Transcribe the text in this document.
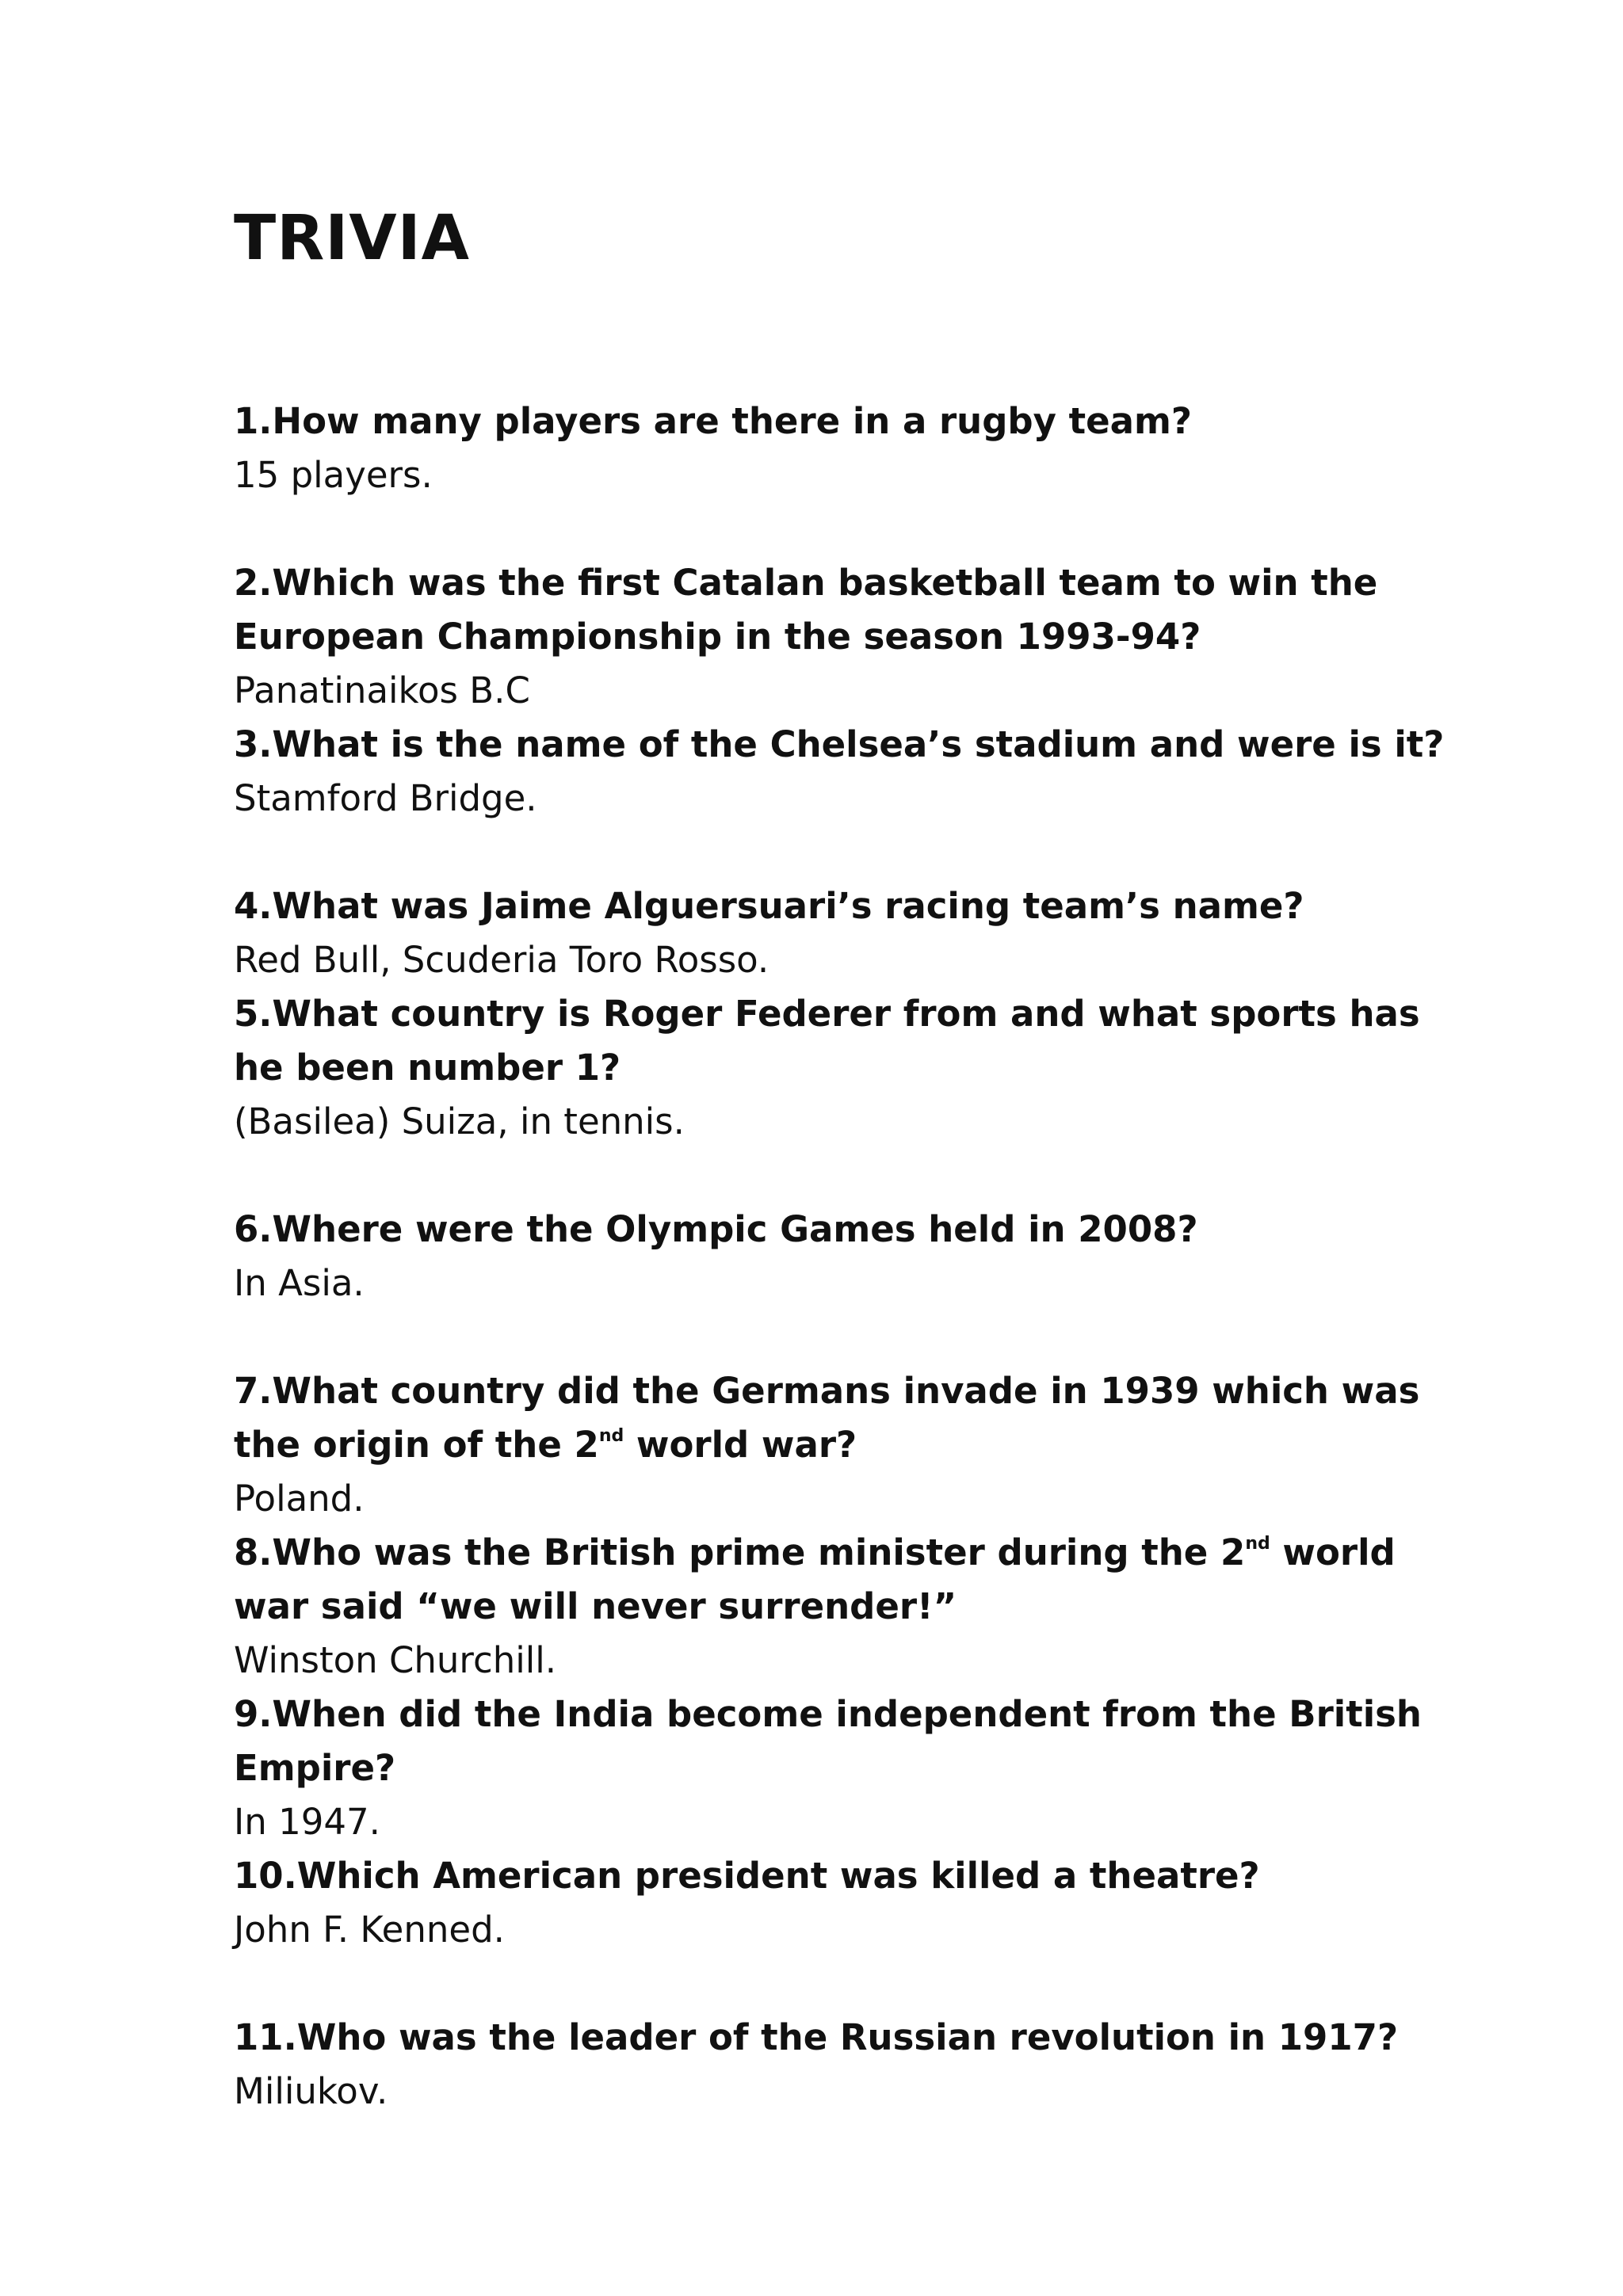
TRIVIA

1.How many players are there in a rugby team?

15 players.

2.Which was the first Catalan basketball team to win the

European Championship in the season 1993-94?

Panatinaikos B.C

3.What is the name of the Chelsea’s stadium and were is it?

Stamford Bridge.

4.What was Jaime Alguersuari’s racing team’s name?

Red Bull, Scuderia Toro Rosso.

5.What country is Roger Federer from and what sports has

he been number 1?

(Basilea) Suiza, in tennis.

6.Where were the Olympic Games held in 2008?

In Asia.

7.What country did the Germans invade in 1939 which was

the origin of the 2nd world war?

Poland.

8.Who was the British prime minister during the 2nd world

war said “we will never surrender!”

Winston Churchill.

9.When did the India become independent from the British

Empire?

In 1947.

10.Which American president was killed a theatre?

John F. Kenned.

11.Who was the leader of the Russian revolution in 1917?

Miliukov.
